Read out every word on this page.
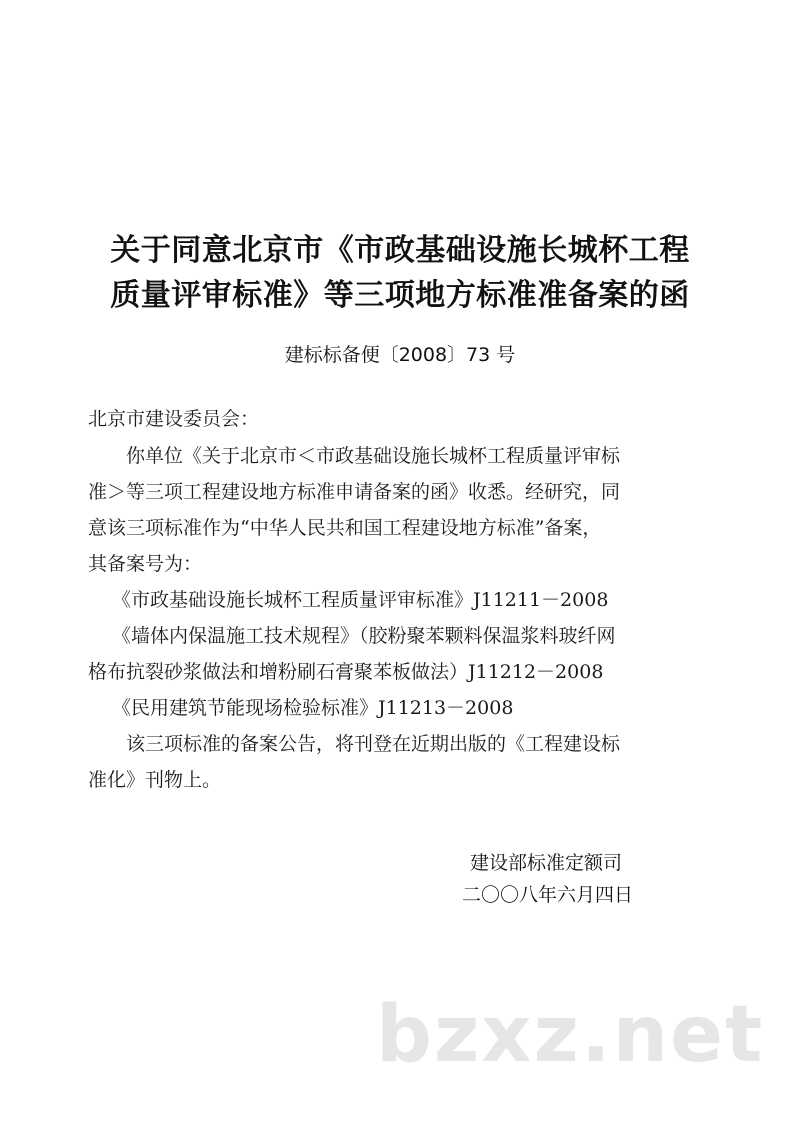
关于同意北京市《市政基础设施长城杯工程
质量评审标准》等三项地方标准准备案的函
建标标备便〔2008〕73 号
北京市建设委员会：
你单位《关于北京市＜市政基础设施长城杯工程质量评审标
准＞等三项工程建设地方标准申请备案的函》收悉。经研究，同
意该三项标准作为“中华人民共和国工程建设地方标准”备案，
其备案号为：
《市政基础设施长城杯工程质量评审标准》J11211－2008
《墙体内保温施工技术规程》（胶粉聚苯颗料保温浆料玻纤网
格布抗裂砂浆做法和增粉刷石膏聚苯板做法）J11212－2008
《民用建筑节能现场检验标准》J11213－2008
该三项标准的备案公告，将刊登在近期出版的《工程建设标
准化》刊物上。
建设部标准定额司
二〇〇八年六月四日
bzxz.net
